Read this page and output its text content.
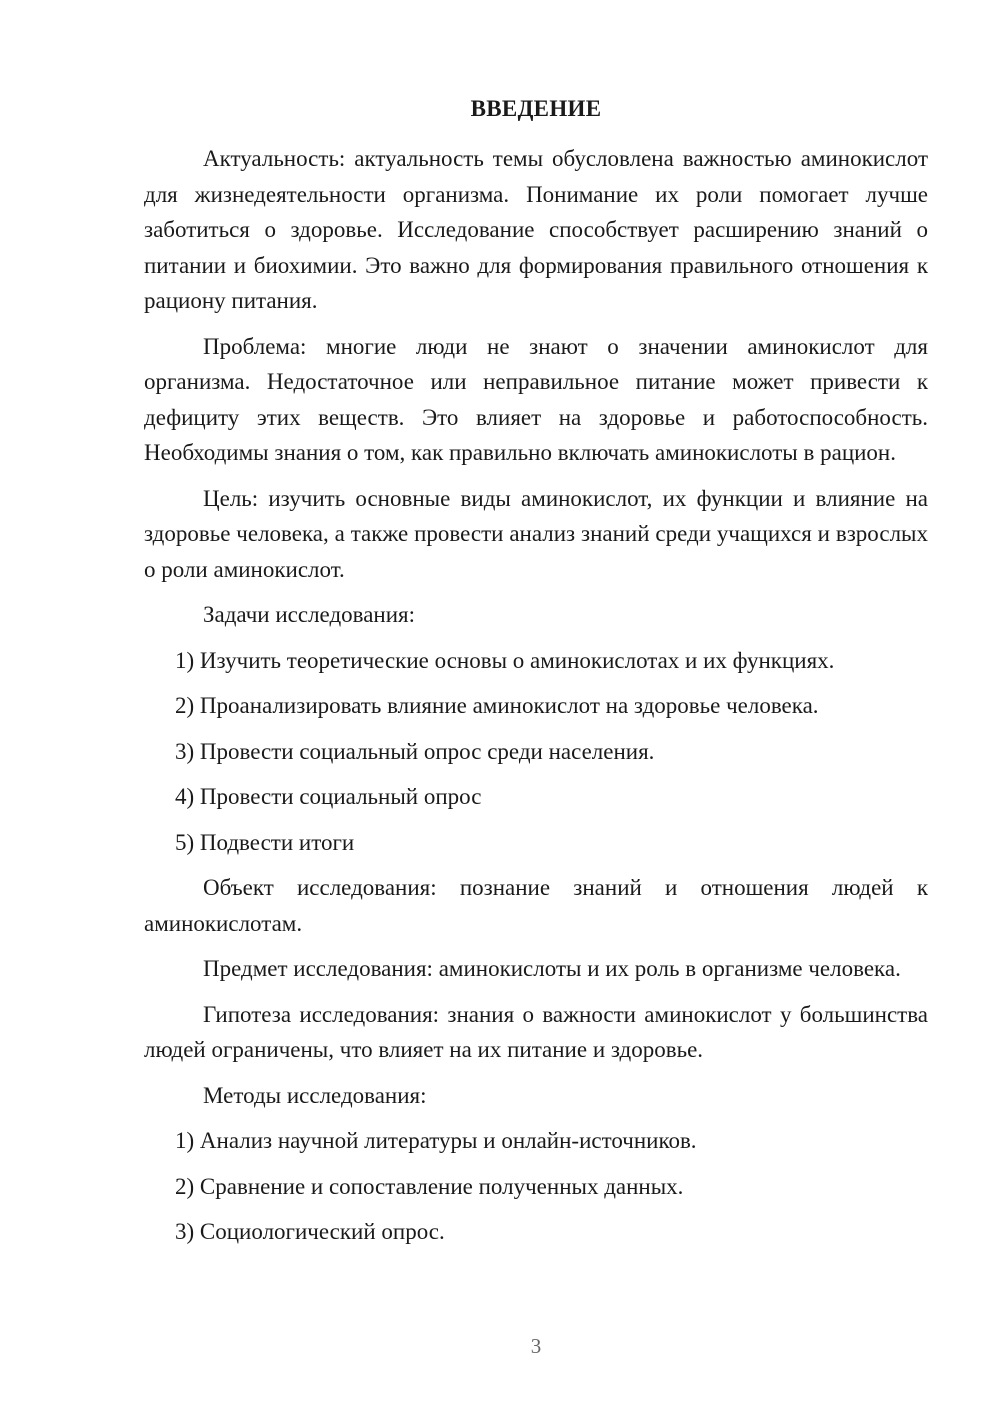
ВВЕДЕНИЕ

Актуальность: актуальность темы обусловлена важностью аминокислот для жизнедеятельности организма. Понимание их роли помогает лучше заботиться о здоровье. Исследование способствует расширению знаний о питании и биохимии. Это важно для формирования правильного отношения к рациону питания.

Проблема: многие люди не знают о значении аминокислот для организма. Недостаточное или неправильное питание может привести к дефициту этих веществ. Это влияет на здоровье и работоспособность. Необходимы знания о том, как правильно включать аминокислоты в рацион.

Цель: изучить основные виды аминокислот, их функции и влияние на здоровье человека, а также провести анализ знаний среди учащихся и взрослых о роли аминокислот.

Задачи исследования:

1) Изучить теоретические основы о аминокислотах и их функциях.

2) Проанализировать влияние аминокислот на здоровье человека.

3) Провести социальный опрос среди населения.

4) Провести социальный опрос

5) Подвести итоги

Объект исследования: познание знаний и отношения людей к аминокислотам.

Предмет исследования: аминокислоты и их роль в организме человека.

Гипотеза исследования: знания о важности аминокислот у большинства людей ограничены, что влияет на их питание и здоровье.

Методы исследования:

1) Анализ научной литературы и онлайн-источников.

2) Сравнение и сопоставление полученных данных.

3) Социологический опрос.

3
